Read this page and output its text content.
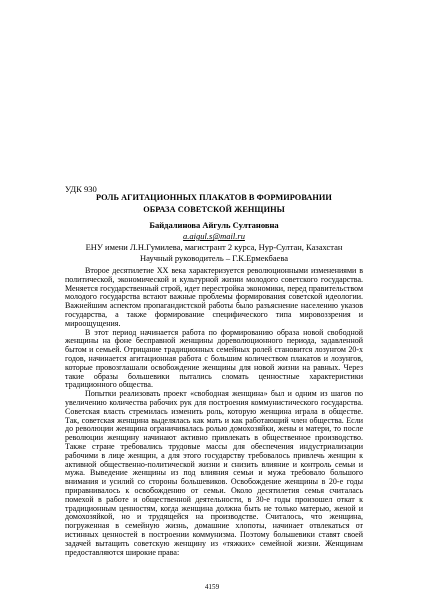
УДК 930
РОЛЬ АГИТАЦИОННЫХ ПЛАКАТОВ В ФОРМИРОВАНИИ
ОБРАЗА СОВЕТСКОЙ ЖЕНЩИНЫ
Байдалинова Айгуль Султановна
a.aigul.s@mail.ru
ЕНУ имени Л.Н.Гумилева, магистрант 2 курса, Нур-Султан, Казахстан
Научный руководитель – Г.К.Ермекбаева

Второе десятилетие XX века характеризуется революционными изменениями в политической, экономической и культурной жизни молодого советского государства. Меняется государственный строй, идет перестройка экономики, перед правительством молодого государства встают важные проблемы формирования советской идеологии. Важнейшим аспектом пропагандистской работы было разъяснение населению указов государства, а также формирование специфического типа мировоззрения и мироощущения.

В этот период начинается работа по формированию образа новой свободной женщины на фоне бесправной женщины дореволюционного периода, задавленной бытом и семьей. Отрицание традиционных семейных ролей становится лозунгом 20-х годов, начинается агитационная работа с большим количеством плакатов и лозунгов, которые провозглашали освобождение женщины для новой жизни на равных. Через такие образы большевики пытались сломать ценностные характеристики традиционного общества.

Попытки реализовать проект «свободная женщина» был и одним из шагов по увеличению количества рабочих рук для построения коммунистического государства. Советская власть стремилась изменить роль, которую женщина играла в обществе. Так, советская женщина выделялась как мать и как работающий член общества. Если до революции женщина ограничивалась ролью домохозяйки, жены и матери, то после революции женщину начинают активно привлекать в общественное производство. Также стране требовались трудовые массы для обеспечения индустриализации рабочими в лице женщин, а для этого государству требовалось привлечь женщин к активной общественно-политической жизни и снизить влияние и контроль семьи и мужа. Выведение женщины из под влияния семьи и мужа требовало большого внимания и усилий со стороны большевиков. Освобождение женщины в 20-е годы приравнивалось к освобождению от семьи. Около десятилетия семья считалась помехой в работе и общественной деятельности, в 30-е годы произошел откат к традиционным ценностям, когда женщина должна быть не только матерью, женой и домохозяйкой, но и трудящейся на производстве. Считалось, что женщина, погруженная в семейную жизнь, домашние хлопоты, начинает отвлекаться от истинных ценностей в построении коммунизма. Поэтому большевики ставят своей задачей вытащить советскую женщину из «тяжких» семейной жизни. Женщинам предоставляются широкие права:

4159
